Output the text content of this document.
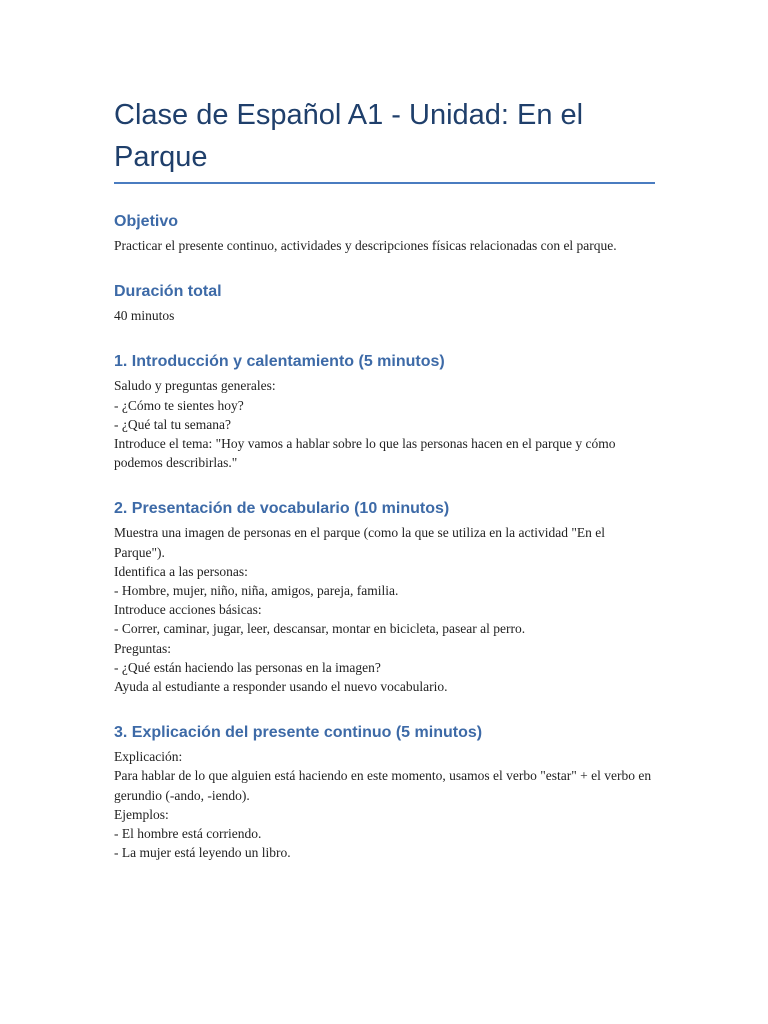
Clase de Español A1 - Unidad: En el Parque
Objetivo

Practicar el presente continuo, actividades y descripciones físicas relacionadas con el parque.

Duración total

40 minutos

1. Introducción y calentamiento (5 minutos)

Saludo y preguntas generales:
- ¿Cómo te sientes hoy?
- ¿Qué tal tu semana?
Introduce el tema: "Hoy vamos a hablar sobre lo que las personas hacen en el parque y cómo podemos describirlas."

2. Presentación de vocabulario (10 minutos)

Muestra una imagen de personas en el parque (como la que se utiliza en la actividad "En el Parque").
Identifica a las personas:
- Hombre, mujer, niño, niña, amigos, pareja, familia.
Introduce acciones básicas:
- Correr, caminar, jugar, leer, descansar, montar en bicicleta, pasear al perro.
Preguntas:
- ¿Qué están haciendo las personas en la imagen?
Ayuda al estudiante a responder usando el nuevo vocabulario.

3. Explicación del presente continuo (5 minutos)

Explicación:
Para hablar de lo que alguien está haciendo en este momento, usamos el verbo "estar" + el verbo en gerundio (-ando, -iendo).
Ejemplos:
- El hombre está corriendo.
- La mujer está leyendo un libro.
